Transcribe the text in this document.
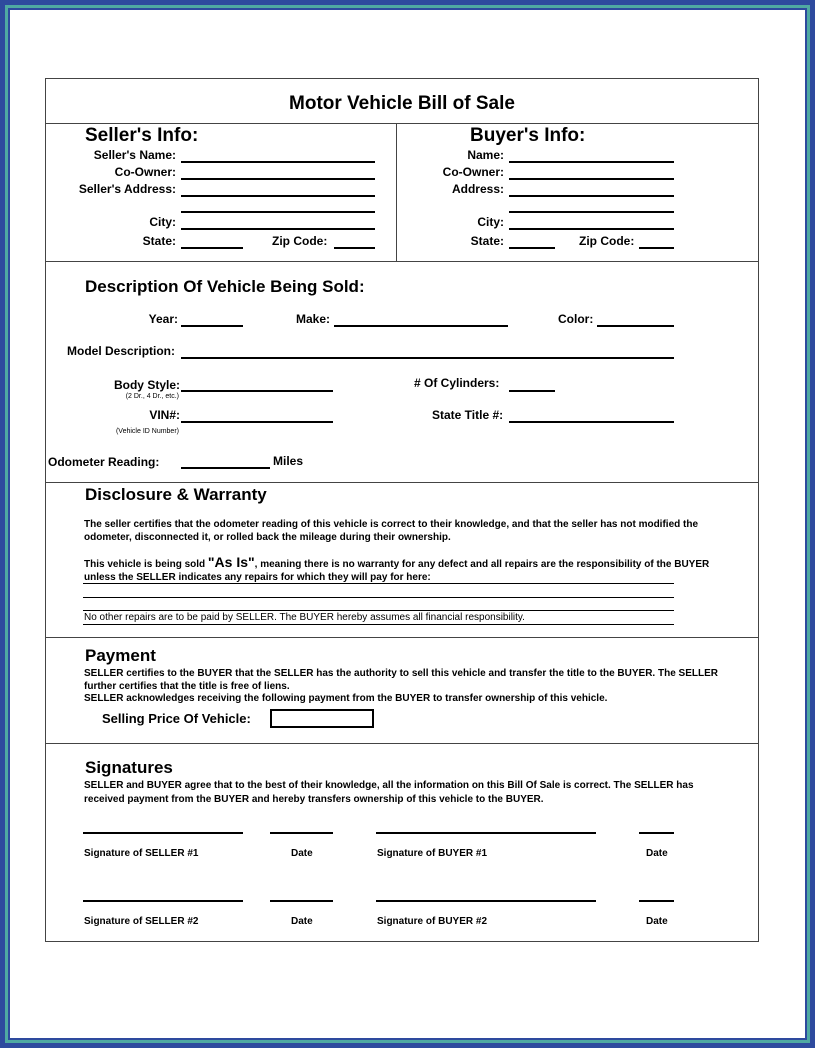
Motor Vehicle Bill of Sale
Seller's Info:
Seller's Name:
Co-Owner:
Seller's Address:
City:
State:	Zip Code:
Buyer's Info:
Name:
Co-Owner:
Address:
City:
State:	Zip Code:
Description Of Vehicle Being Sold:
Year:	Make:	Color:
Model Description:
Body Style:
(2 Dr., 4 Dr., etc.)
# Of Cylinders:
VIN#:
(Vehicle ID Number)
State Title #:
Odometer Reading:	Miles
Disclosure & Warranty
The seller certifies that the odometer reading of this vehicle is correct to their knowledge, and that the seller has not modified the
odometer, disconnected it, or rolled back the mileage during their ownership.
This vehicle is being sold "As Is", meaning there is no warranty for any defect and all repairs are the responsibility of the BUYER
unless the SELLER indicates any repairs for which they will pay for here:
No other repairs are to be paid by SELLER. The BUYER hereby assumes all financial responsibility.
Payment
SELLER certifies to the BUYER that the SELLER has the authority to sell this vehicle and transfer the title to the BUYER. The SELLER
further certifies that the title is free of liens.
SELLER acknowledges receiving the following payment from the BUYER to transfer ownership of this vehicle.
Selling Price Of Vehicle:
Signatures
SELLER and BUYER agree that to the best of their knowledge, all the information on this Bill Of Sale is correct. The SELLER has
received payment from the BUYER and hereby transfers ownership of this vehicle to the BUYER.
Signature of SELLER #1	Date	Signature of BUYER #1	Date
Signature of SELLER #2	Date	Signature of BUYER #2	Date
